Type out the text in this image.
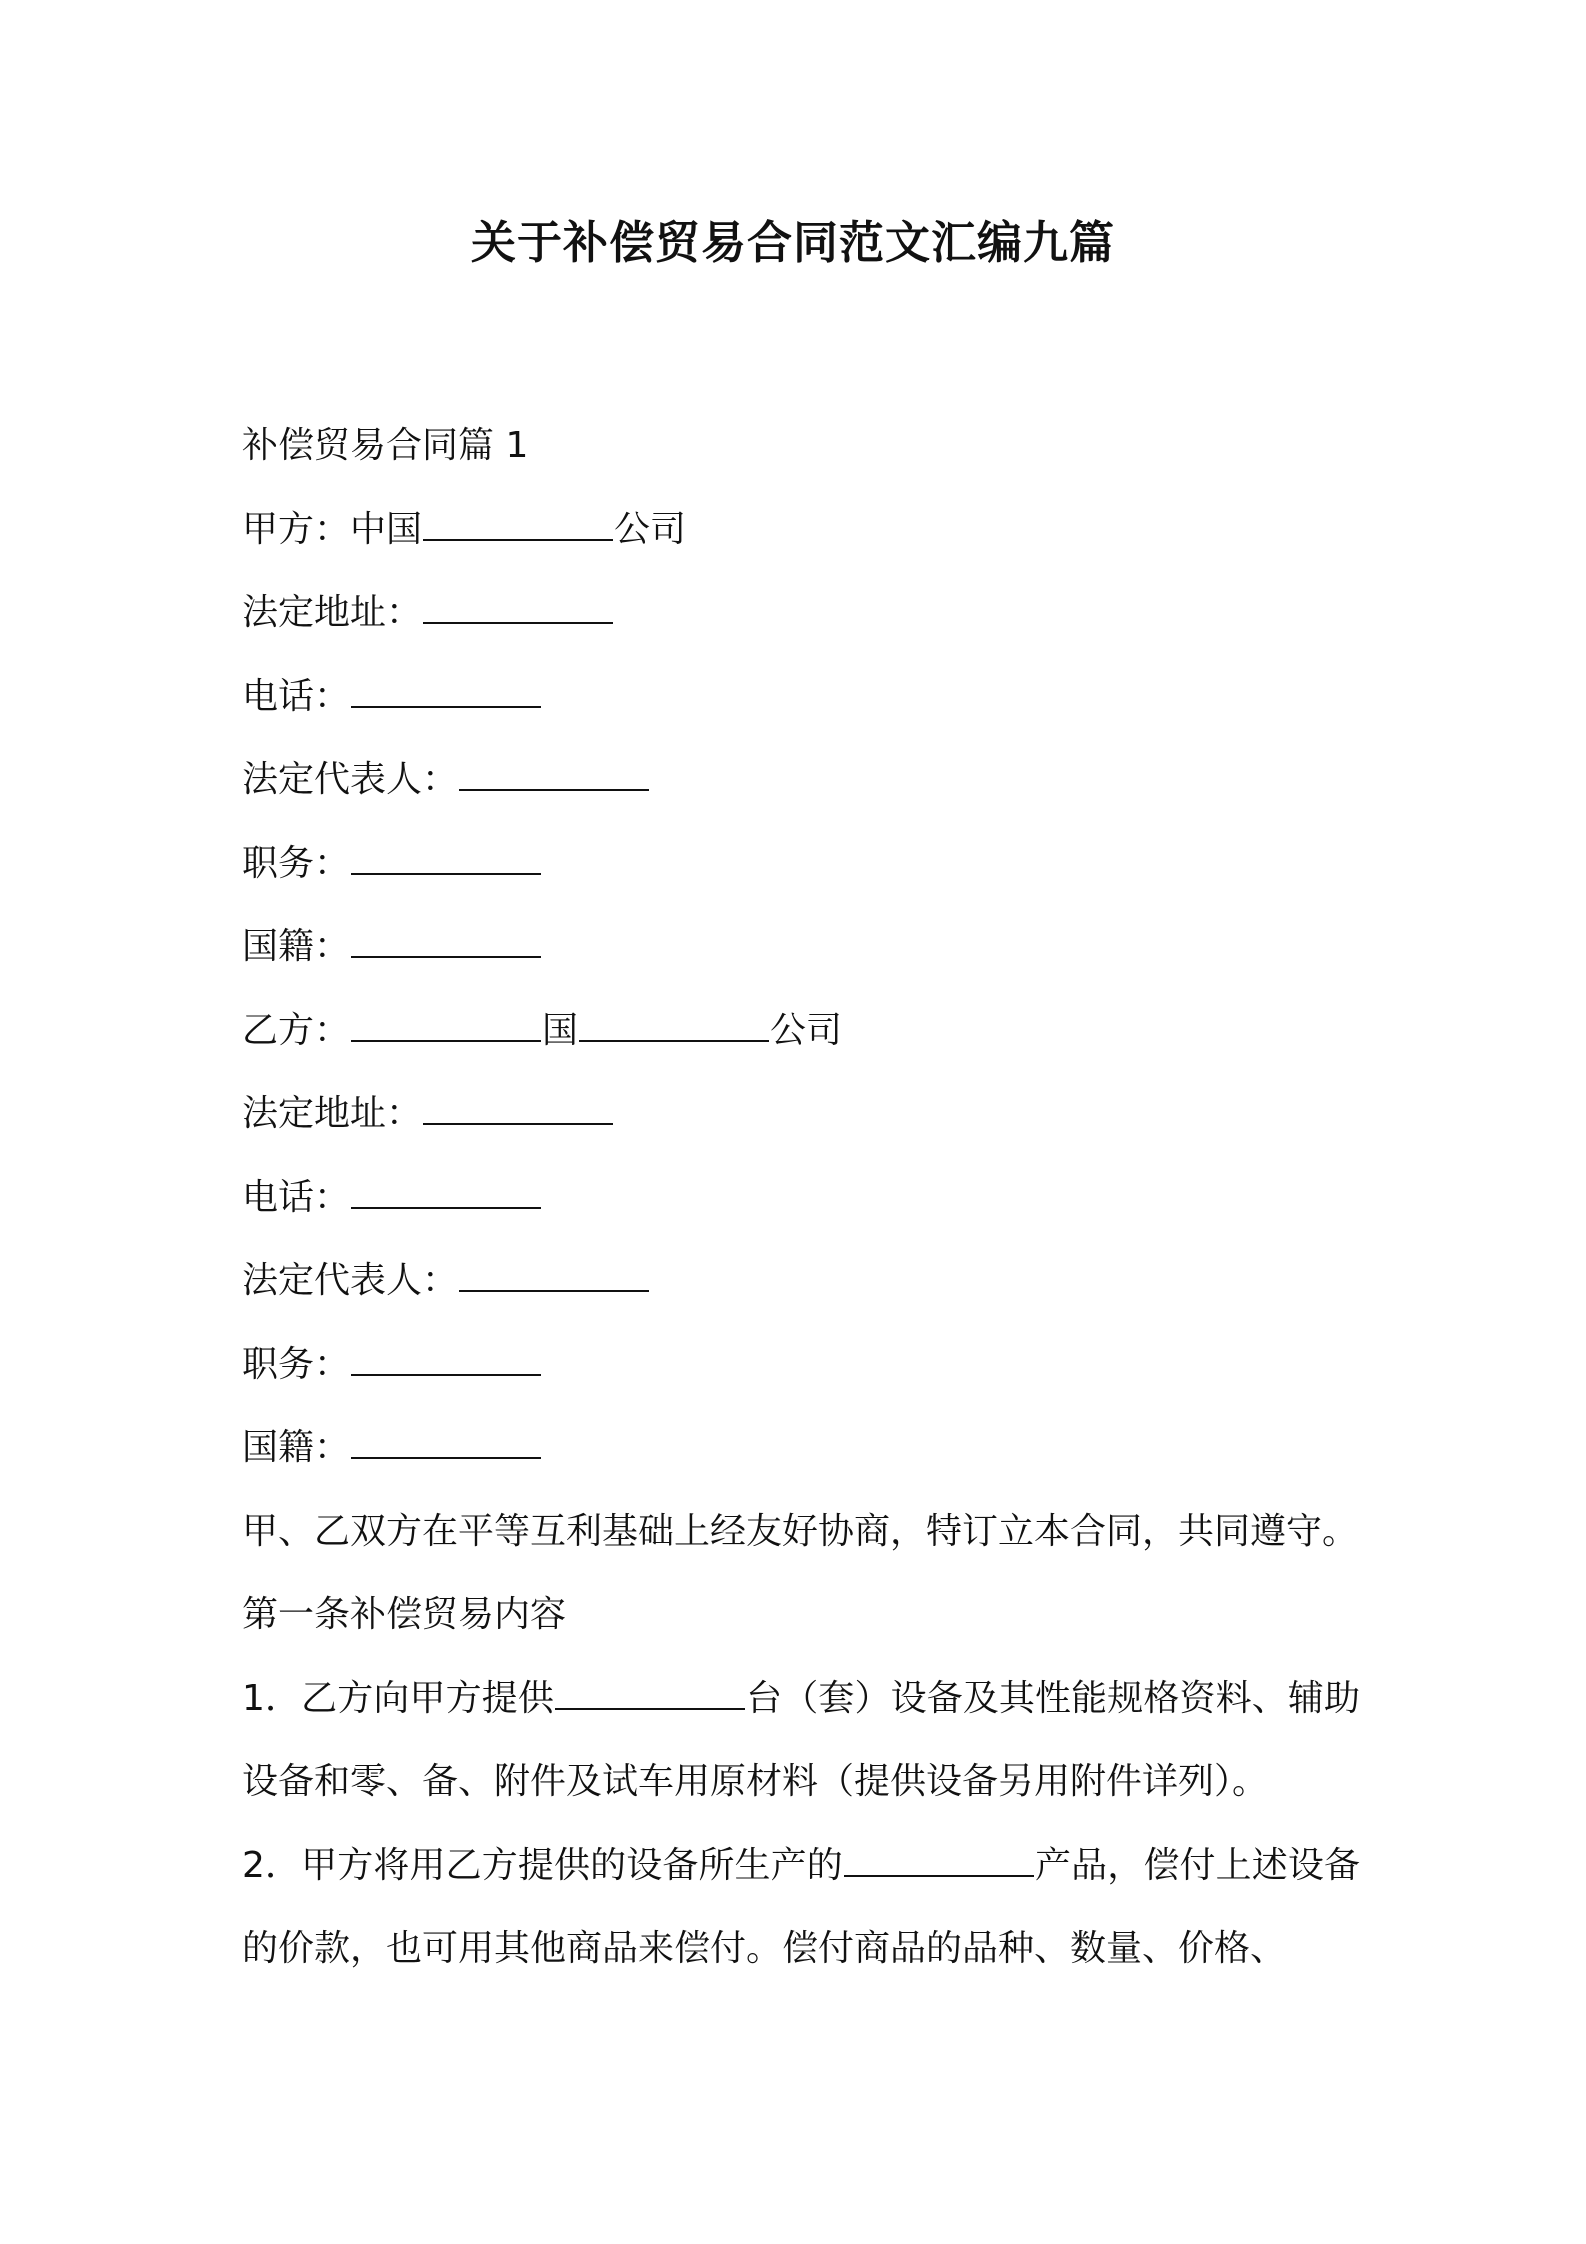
关于补偿贸易合同范文汇编九篇

补偿贸易合同篇 1

甲方：中国	公司

法定地址：

电话：

法定代表人：

职务：

国籍：

乙方：	国	公司

法定地址：

电话：

法定代表人：

职务：

国籍：

甲、乙双方在平等互利基础上经友好协商，特订立本合同，共同遵守。

第一条补偿贸易内容

1．乙方向甲方提供	台（套）设备及其性能规格资料、辅助设备和零、备、附件及试车用原材料（提供设备另用附件详列）。

2．甲方将用乙方提供的设备所生产的	产品，偿付上述设备的价款，也可用其他商品来偿付。偿付商品的品种、数量、价格、
